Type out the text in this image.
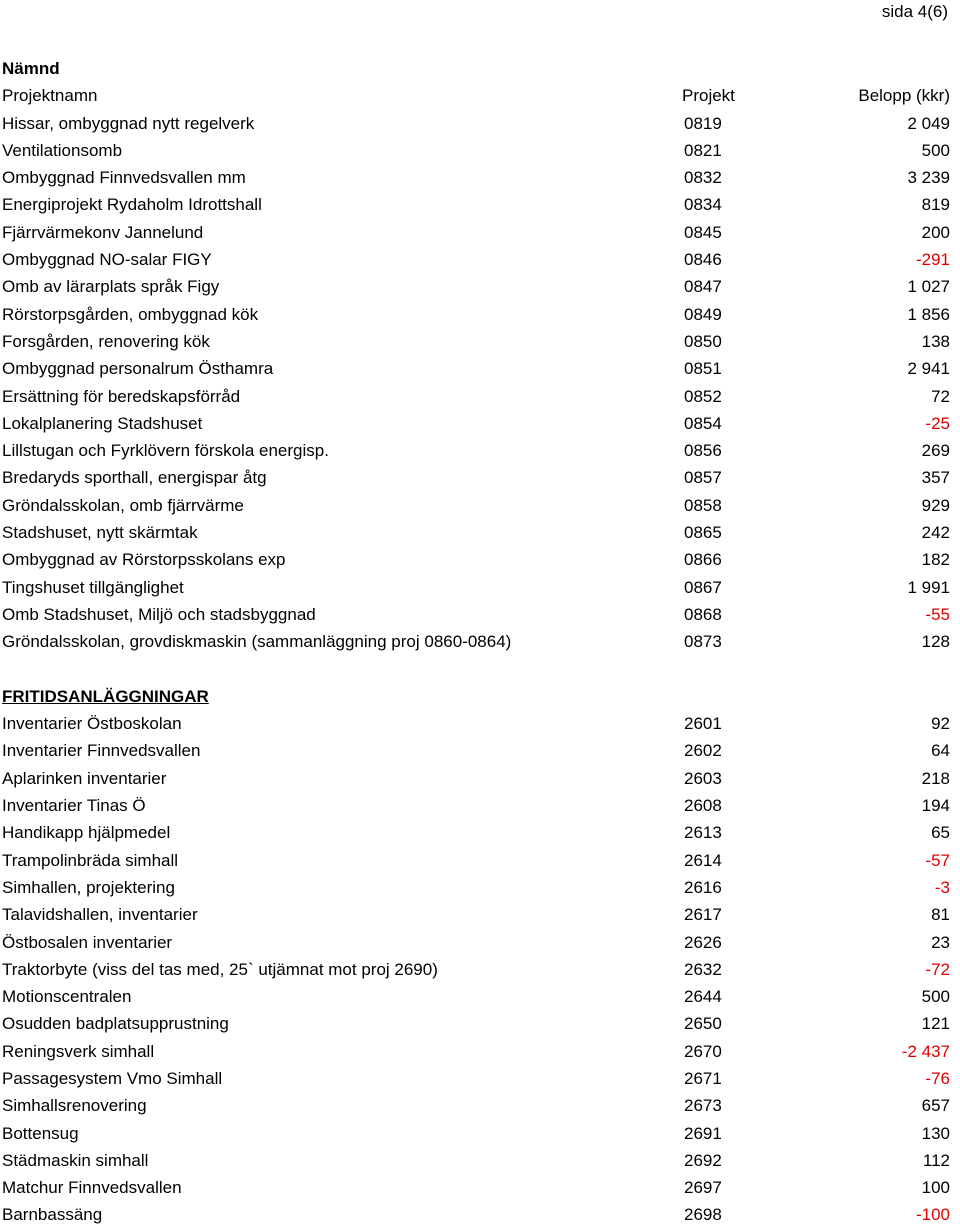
sida 4(6)
Nämnd
Projektnamn	Projekt	Belopp (kkr)
Hissar, ombyggnad nytt regelverk	0819	2 049
Ventilationsomb	0821	500
Ombyggnad Finnvedsvallen mm	0832	3 239
Energiprojekt Rydaholm Idrottshall	0834	819
Fjärrvärmekonv Jannelund	0845	200
Ombyggnad NO-salar FIGY	0846	-291
Omb av lärarplats språk Figy	0847	1 027
Rörstorpsgården, ombyggnad kök	0849	1 856
Forsgården, renovering kök	0850	138
Ombyggnad personalrum Östhamra	0851	2 941
Ersättning för beredskapsförråd	0852	72
Lokalplanering Stadshuset	0854	-25
Lillstugan och Fyrklövern förskola energisp.	0856	269
Bredaryds sporthall, energispar åtg	0857	357
Gröndalsskolan, omb fjärrvärme	0858	929
Stadshuset, nytt skärmtak	0865	242
Ombyggnad av Rörstorpsskolans exp	0866	182
Tingshuset tillgänglighet	0867	1 991
Omb Stadshuset, Miljö och stadsbyggnad	0868	-55
Gröndalsskolan, grovdiskmaskin (sammanläggning proj 0860-0864)	0873	128
FRITIDSANLÄGGNINGAR
Inventarier Östboskolan	2601	92
Inventarier Finnvedsvallen	2602	64
Aplarinken inventarier	2603	218
Inventarier Tinas Ö	2608	194
Handikapp hjälpmedel	2613	65
Trampolinbräda simhall	2614	-57
Simhallen, projektering	2616	-3
Talavidshallen, inventarier	2617	81
Östbosalen inventarier	2626	23
Traktorbyte (viss del tas med, 25` utjämnat mot proj 2690)	2632	-72
Motionscentralen	2644	500
Osudden badplatsupprustning	2650	121
Reningsverk simhall	2670	-2 437
Passagesystem Vmo Simhall	2671	-76
Simhallsrenovering	2673	657
Bottensug	2691	130
Städmaskin simhall	2692	112
Matchur Finnvedsvallen	2697	100
Barnbassäng	2698	-100
